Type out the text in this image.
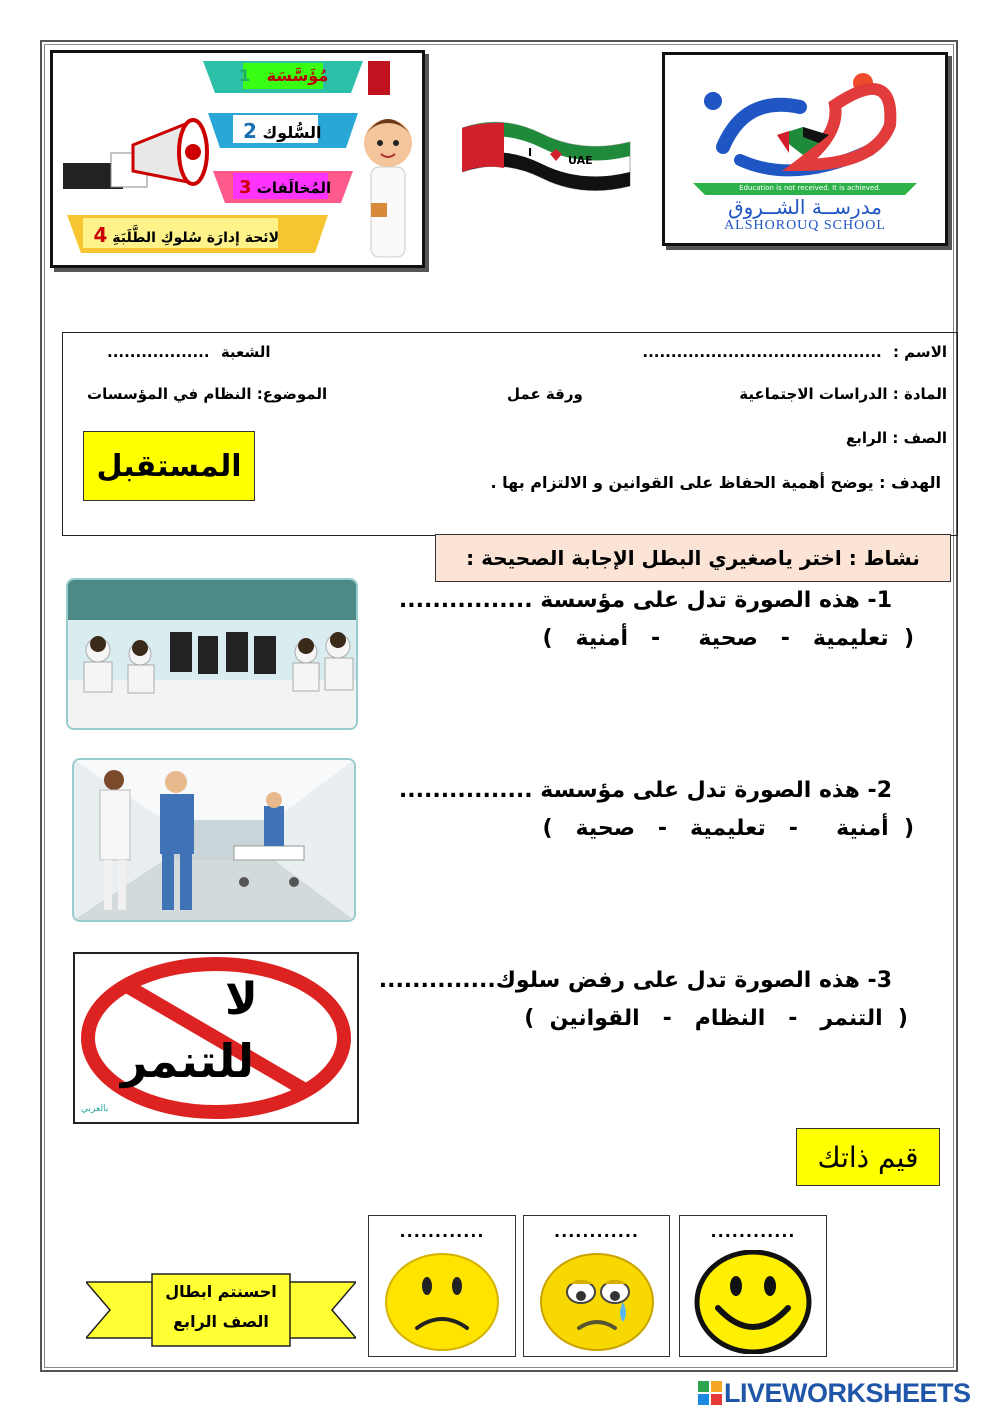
1 مُؤَسَّسَة
السُّلوك 2
3 المُخالَفات
لائحة إدارَة سُلوكِ الطَّلَبَةِ 4
I
UAE
Education is not received. It is achieved.
مدرســة الشــروق
ALSHOROUQ SCHOOL
الاسم : ..........................................
الشعبة ..................
المادة : الدراسات الاجتماعية
ورقة عمل
الموضوع: النظام في المؤسسات
الصف : الرابع
الهدف : يوضح أهمية الحفاظ على القوانين و الالتزام بها .
المستقبل
نشاط : اختر ياصغيري البطل الإجابة الصحيحة :
1- هذه الصورة تدل على مؤسسة ................
(  تعليمية   -   صحية     -   أمنية   )
2- هذه الصورة تدل على مؤسسة ................
(  أمنية     -   تعليمية   -   صحية   )
لا
للتنمر
بالعربي
3- هذه الصورة تدل على رفض سلوك..............
(  التنمر   -   النظام   -   القوانين  )
قيم ذاتك
............
............
............
احسنتم ابطال
الصف الرابع
LIVEWORKSHEETS
